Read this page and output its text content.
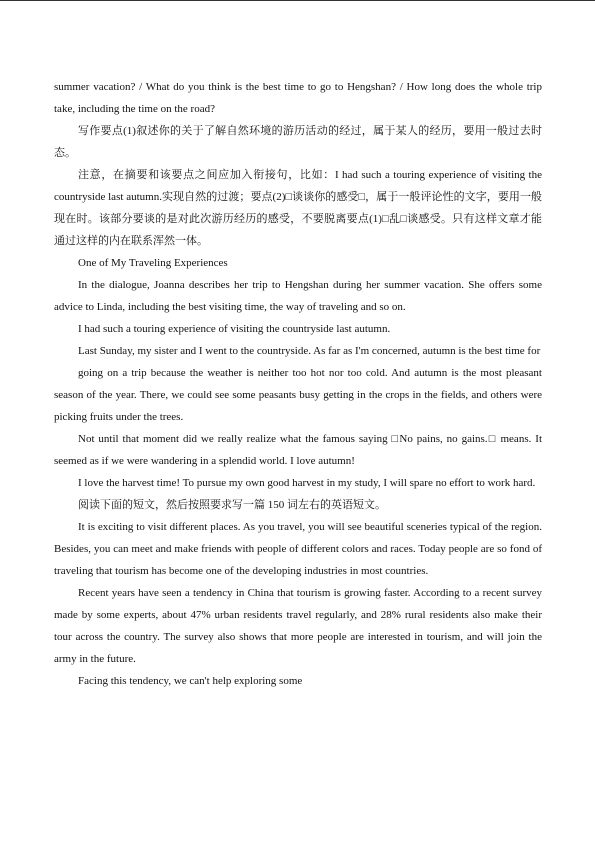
summer vacation? / What do you think is the best time to go to Hengshan? / How long does the whole trip take, including the time on the road?

写作要点(1)叙述你的关于了解自然环境的游历活动的经过，属于某人的经历，要用一般过去时态。

注意，在摘要和该要点之间应加入衔接句，比如：I had such a touring experience of visiting the countryside last autumn.实现自然的过渡；要点(2)□谈谈你的感受□，属于一般评论性的文字，要用一般现在时。该部分要谈的是对此次游历经历的感受，不要脱离要点(1)□乱□谈感受。只有这样文章才能通过这样的内在联系浑然一体。

One of My Traveling Experiences

In the dialogue, Joanna describes her trip to Hengshan during her summer vacation. She offers some advice to Linda, including the best visiting time, the way of traveling and so on.

I had such a touring experience of visiting the countryside last autumn.

Last Sunday, my sister and I went to the countryside. As far as I'm concerned, autumn is the best time for

going on a trip because the weather is neither too hot nor too cold. And autumn is the most pleasant season of the year. There, we could see some peasants busy getting in the crops in the fields, and others were picking fruits under the trees.

Not until that moment did we really realize what the famous saying □No pains, no gains.□ means. It seemed as if we were wandering in a splendid world. I love autumn!

I love the harvest time! To pursue my own good harvest in my study, I will spare no effort to work hard.

阅读下面的短文，然后按照要求写一篇 150 词左右的英语短文。

It is exciting to visit different places. As you travel, you will see beautiful sceneries typical of the region. Besides, you can meet and make friends with people of different colors and races. Today people are so fond of traveling that tourism has become one of the developing industries in most countries.

Recent years have seen a tendency in China that tourism is growing faster. According to a recent survey made by some experts, about 47% urban residents travel regularly, and 28% rural residents also make their tour across the country. The survey also shows that more people are interested in tourism, and will join the army in the future.

Facing this tendency, we can't help exploring some
